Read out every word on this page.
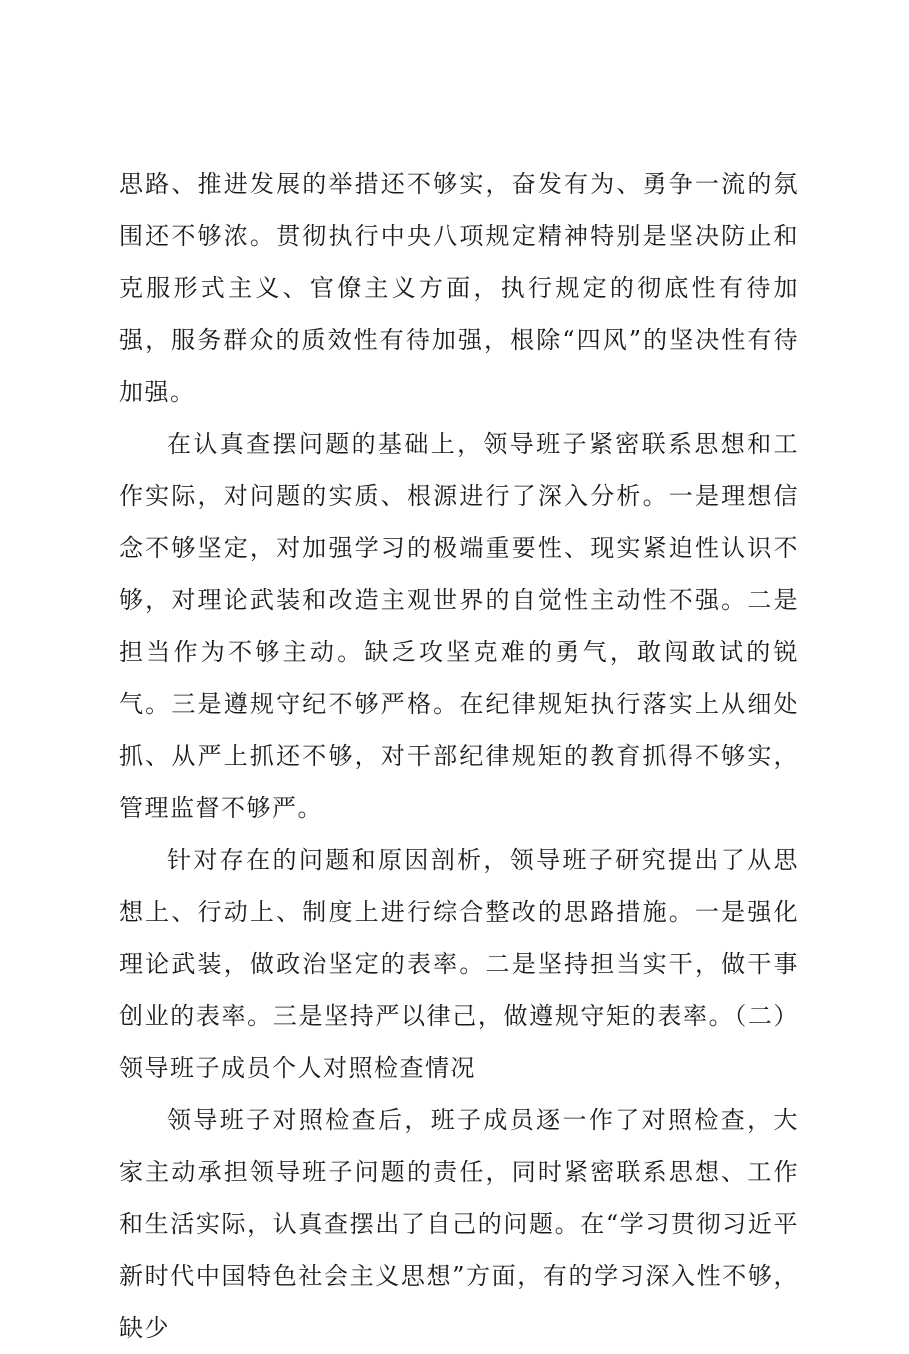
思路、推进发展的举措还不够实，奋发有为、勇争一流的氛围还不够浓。贯彻执行中央八项规定精神特别是坚决防止和克服形式主义、官僚主义方面，执行规定的彻底性有待加强，服务群众的质效性有待加强，根除“四风”的坚决性有待加强。

在认真查摆问题的基础上，领导班子紧密联系思想和工作实际，对问题的实质、根源进行了深入分析。一是理想信念不够坚定，对加强学习的极端重要性、现实紧迫性认识不够，对理论武装和改造主观世界的自觉性主动性不强。二是担当作为不够主动。缺乏攻坚克难的勇气，敢闯敢试的锐气。三是遵规守纪不够严格。在纪律规矩执行落实上从细处抓、从严上抓还不够，对干部纪律规矩的教育抓得不够实，管理监督不够严。

针对存在的问题和原因剖析，领导班子研究提出了从思想上、行动上、制度上进行综合整改的思路措施。一是强化理论武装，做政治坚定的表率。二是坚持担当实干，做干事创业的表率。三是坚持严以律己，做遵规守矩的表率。（二）领导班子成员个人对照检查情况

领导班子对照检查后，班子成员逐一作了对照检查，大家主动承担领导班子问题的责任，同时紧密联系思想、工作和生活实际，认真查摆出了自己的问题。在“学习贯彻习近平新时代中国特色社会主义思想”方面，有的学习深入性不够，缺少
